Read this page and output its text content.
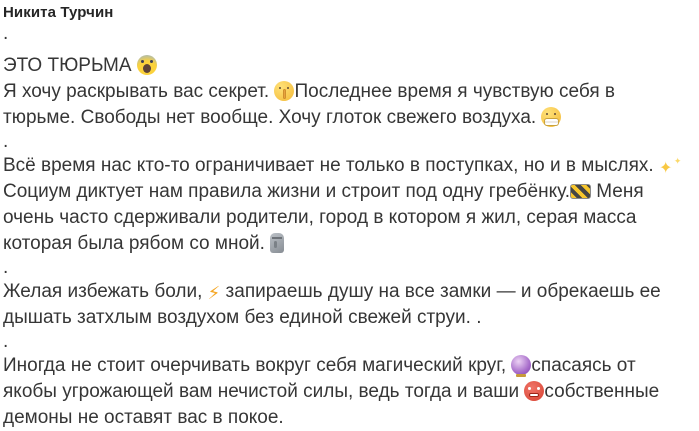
Никита Турчин
.
ЭТО ТЮРЬМА

Я хочу раскрывать вас секрет. Последнее время я чувствую себя в тюрьме. Свободы нет вообще. Хочу глоток свежего воздуха.

.

Всё время нас кто-то ограничивает не только в поступках, но и в мыслях. ✦ ✦ Социум диктует нам правила жизни и строит под одну гребёнку. Меня очень часто сдерживали родители, город в котором я жил, серая масса которая была рябом со мной.

.

Желая избежать боли, ⚡ запираешь душу на все замки — и обрекаешь ее дышать затхлым воздухом без единой свежей струи. .

.

Иногда не стоит очерчивать вокруг себя магический круг, спасаясь от якобы угрожающей вам нечистой силы, ведь тогда и ваши собственные демоны не оставят вас в покое.
